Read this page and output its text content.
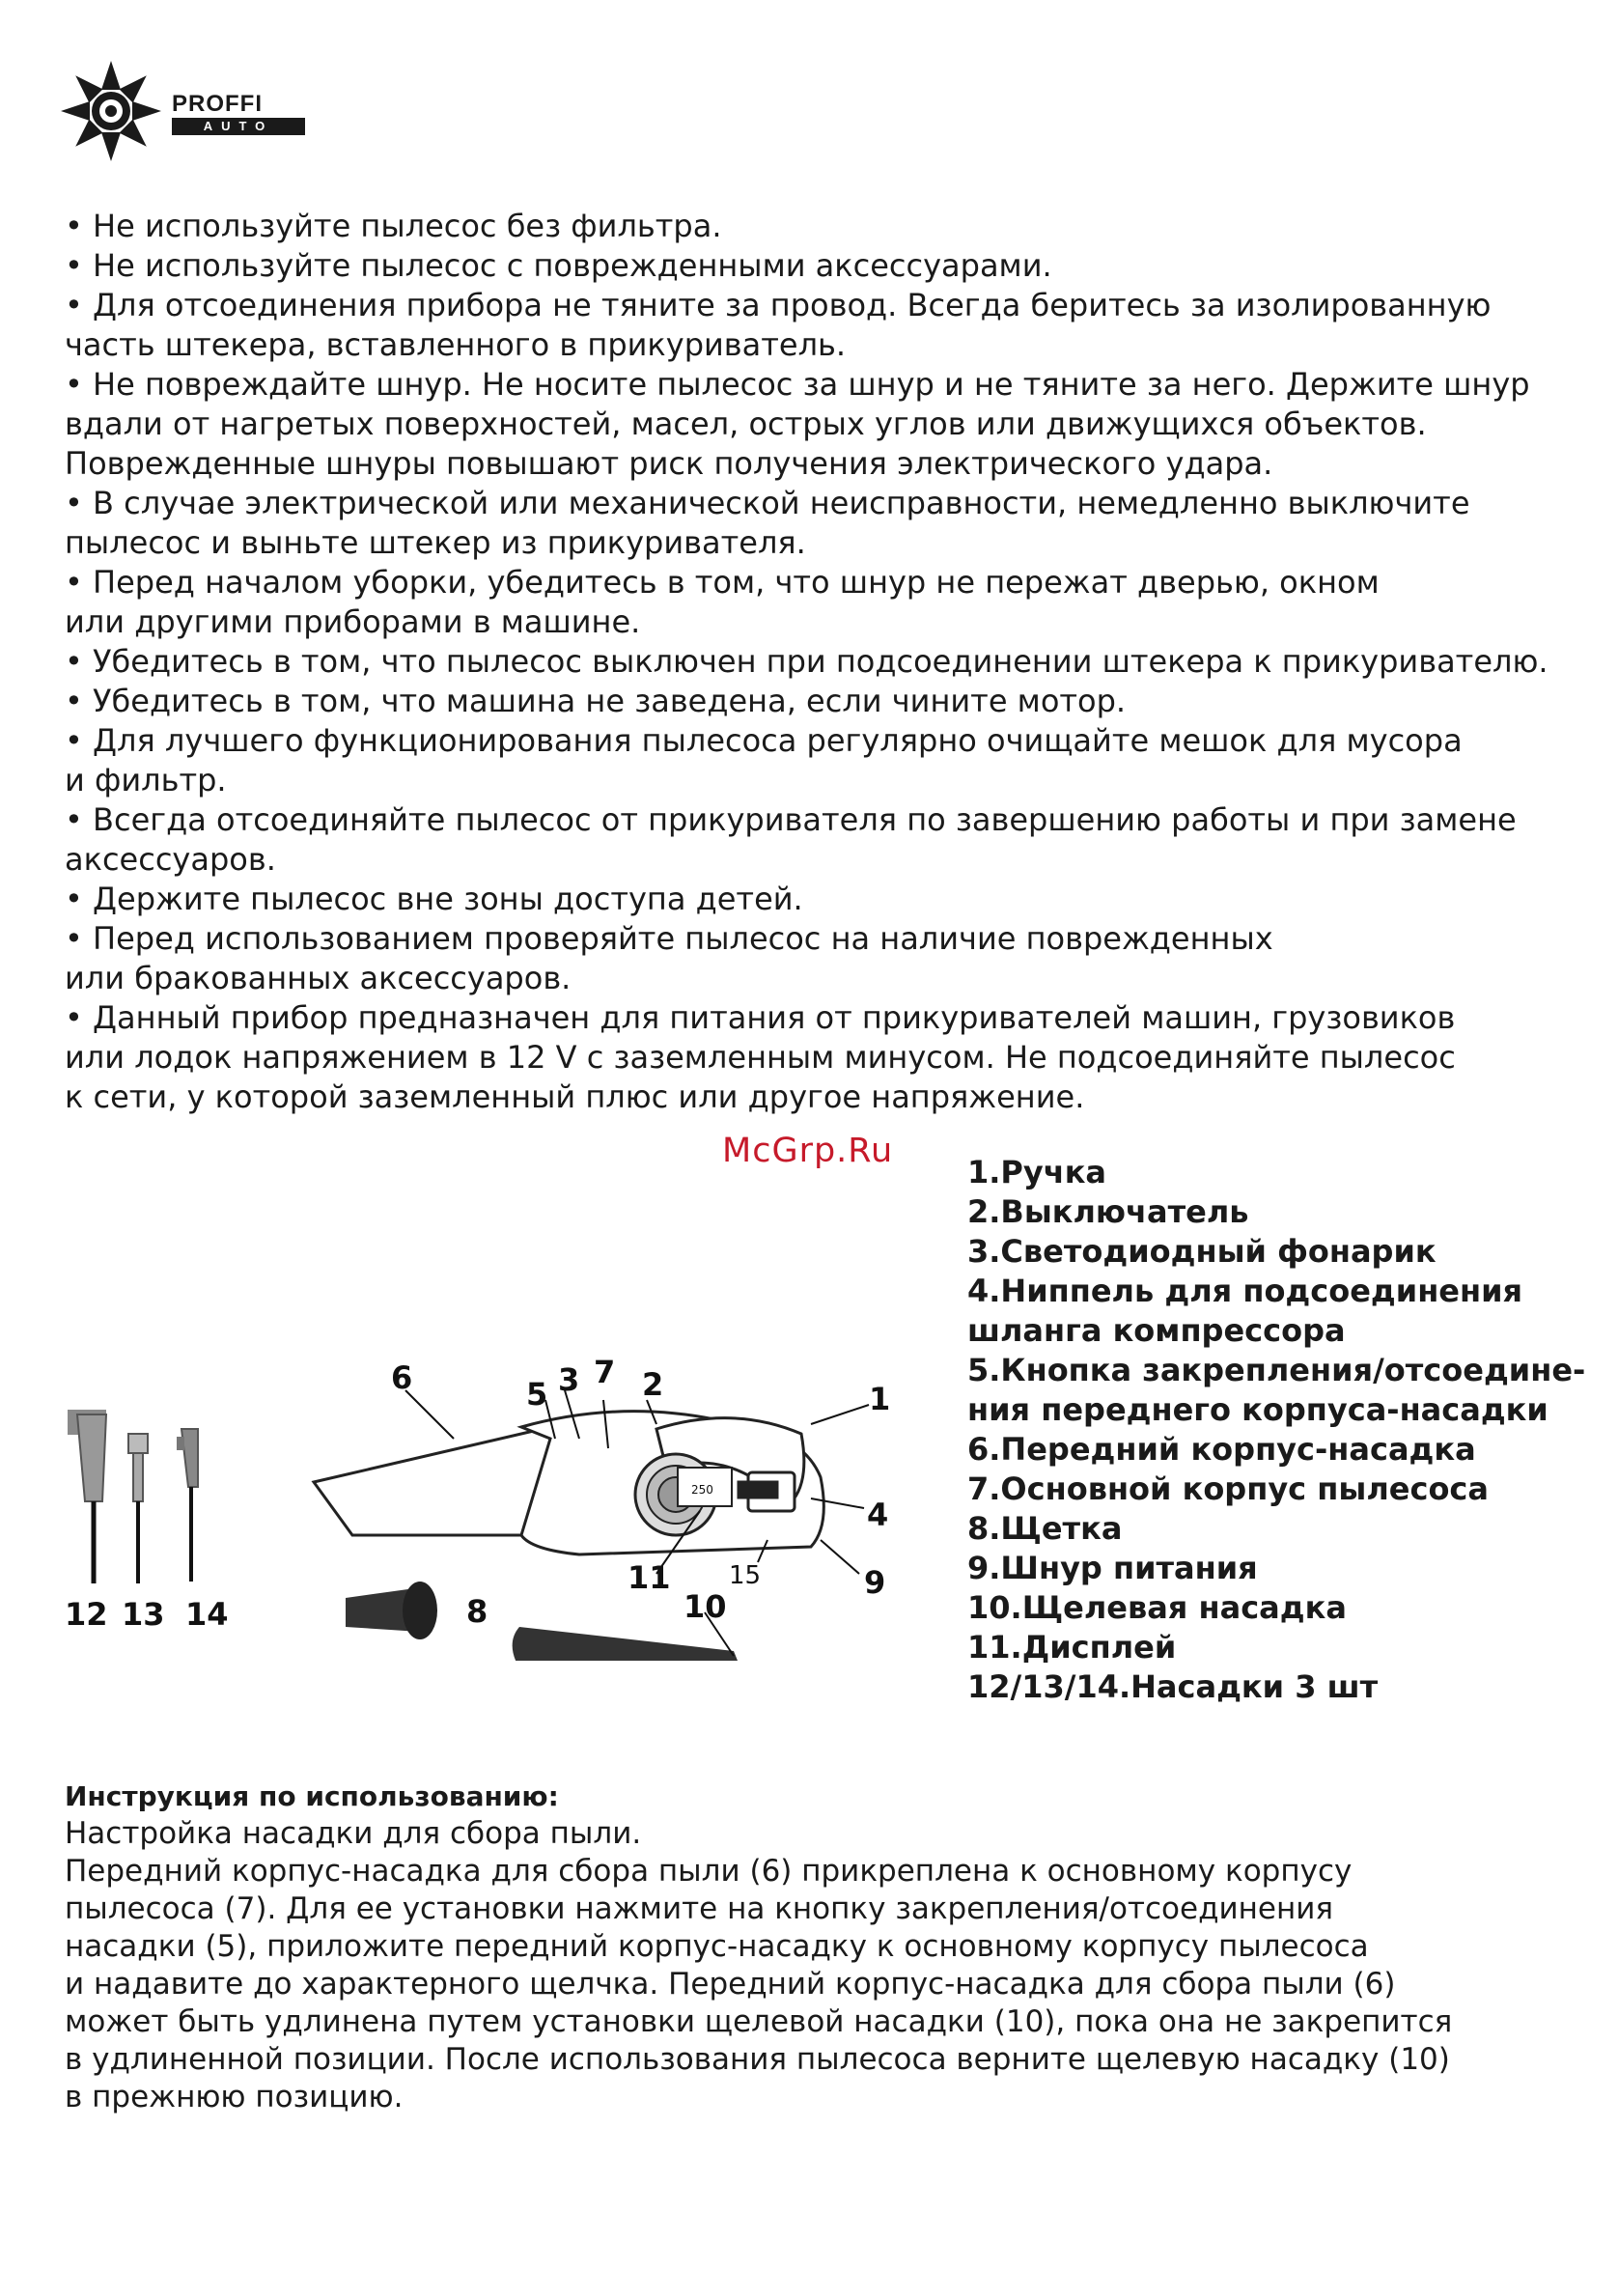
PROFFI
AUTO
• Не используйте пылесос без фильтра.
• Не используйте пылесос с поврежденными аксессуарами.
• Для отсоединения прибора не тяните за провод. Всегда беритесь за изолированную
часть штекера, вставленного в прикуриватель.
• Не повреждайте шнур. Не носите пылесос за шнур и не тяните за него. Держите шнур
вдали от нагретых поверхностей, масел, острых углов или движущихся объектов.
Поврежденные шнуры повышают риск получения электрического удара.
• В случае электрической или механической неисправности, немедленно выключите
пылесос и выньте штекер из прикуривателя.
• Перед началом уборки, убедитесь в том, что шнур не пережат дверью, окном
или другими приборами в машине.
• Убедитесь в том, что пылесос выключен при подсоединении штекера к прикуривателю.
• Убедитесь в том, что машина не заведена, если чините мотор.
• Для лучшего функционирования пылесоса регулярно очищайте мешок для мусора
и фильтр.
• Всегда отсоединяйте пылесос от прикуривателя по завершению работы и при замене
аксессуаров.
• Держите пылесос вне зоны доступа детей.
• Перед использованием проверяйте пылесос на наличие поврежденных
или бракованных аксессуаров.
• Данный прибор предназначен для питания от прикуривателей машин, грузовиков
или лодок напряжением в 12 V с заземленным минусом. Не подсоединяйте пылесос
к сети, у которой заземленный плюс или другое напряжение.
McGrp.Ru
250
1
2
3
4
5
6	7
8
9
10
11
12 13 14
15
1.Ручка
2.Выключатель
3.Светодиодный фонарик
4.Ниппель для подсоединения
шланга компрессора
5.Кнопка закрепления/отсоедине-
ния переднего корпуса-насадки
6.Передний корпус-насадка
7.Основной корпус пылесоса
8.Щетка
9.Шнур питания
10.Щелевая насадка
11.Дисплей
12/13/14.Насадки 3 шт
Инструкция по использованию:

Настройка насадки для сбора пыли.

Передний корпус-насадка для сбора пыли (6) прикреплена к основному корпусу
пылесоса (7). Для ее установки нажмите на кнопку закрепления/отсоединения
насадки (5), приложите передний корпус-насадку к основному корпусу пылесоса
и надавите до характерного щелчка. Передний корпус-насадка для сбора пыли (6)
может быть удлинена путем установки щелевой насадки (10), пока она не закрепится
в удлиненной позиции. После использования пылесоса верните щелевую насадку (10)
в прежнюю позицию.
